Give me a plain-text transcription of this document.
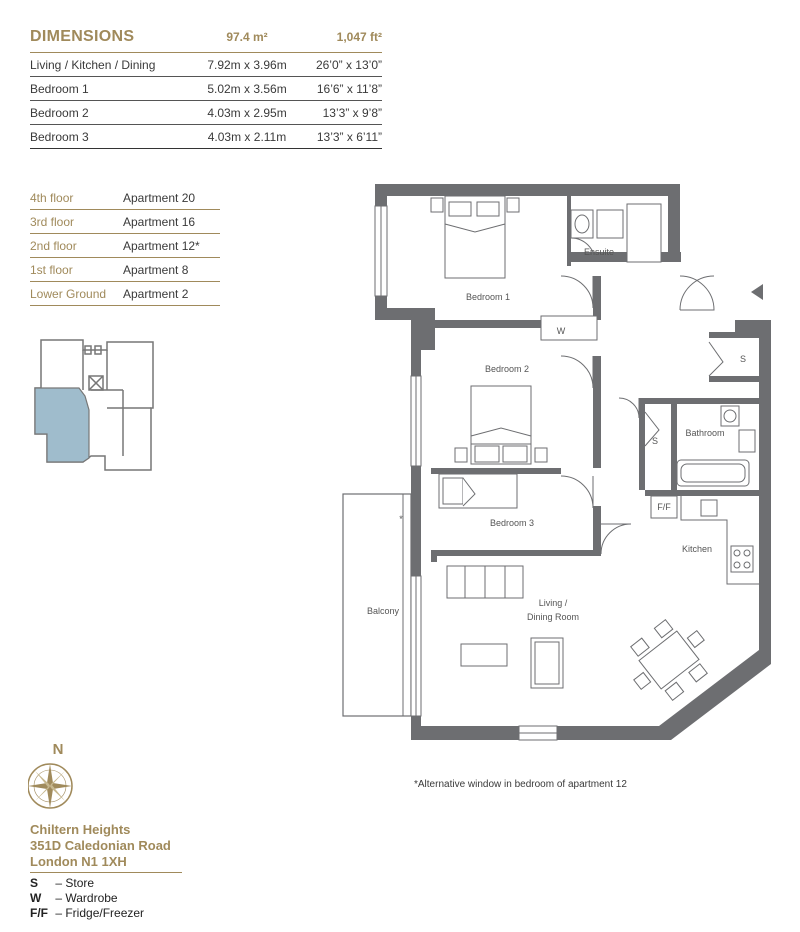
DIMENSIONS	97.4 m²	1,047 ft²
Living / Kitchen / Dining	7.92m x 3.96m	26’0” x 13’0”
Bedroom 1	5.02m x 3.56m	16’6” x 11’8”
Bedroom 2	4.03m x 2.95m	13’3” x 9’8”
Bedroom 3	4.03m x 2.11m	13’3” x 6’11”
4th floor	Apartment 20
3rd floor	Apartment 16
2nd floor	Apartment 12*
1st floor	Apartment 8
Lower Ground	Apartment 2
Ensuite
Bedroom 1
W
S
Bedroom 2
S
Bathroom
F/F
Bedroom 3
Kitchen
Balcony
Living /
Dining Room
*
*Alternative window in bedroom of apartment 12
N
Chiltern Heights
351D Caledonian Road
London N1 1XH
S – Store
W – Wardrobe
F/F – Fridge/Freezer
